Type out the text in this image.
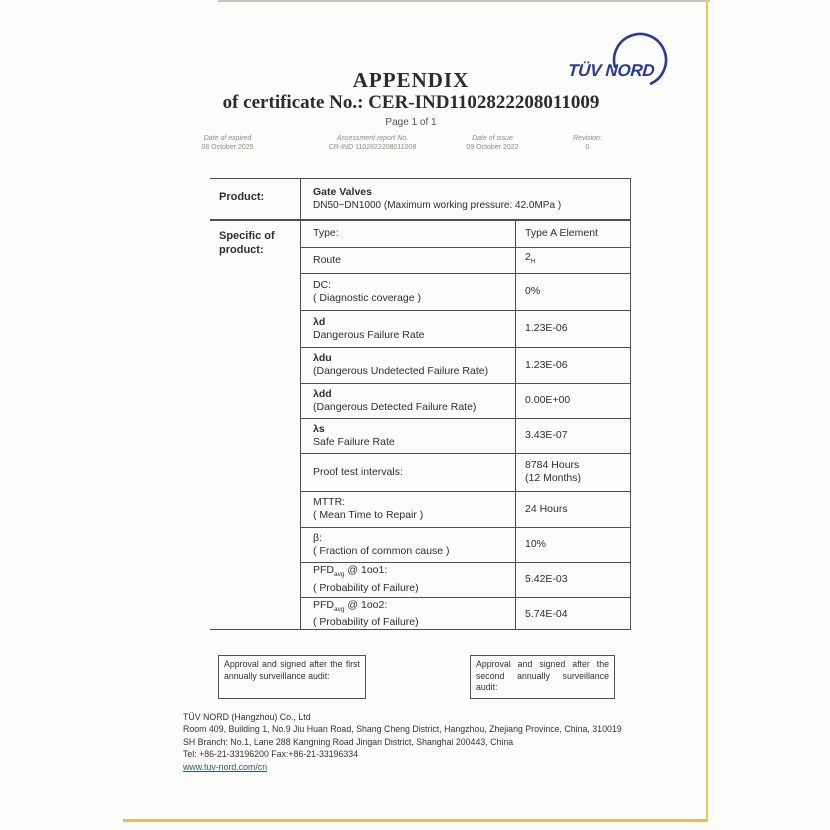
TÜV NORD
APPENDIX
of certificate No.: CER-IND1102822208011009
Page 1 of 1
Date of expired
08 October 2025
Assessment report No.
CR-IND 1102822208011008
Date of issue
09 October 2022
Revision:
0
Product:
Specific of product:
Gate Valves
DN50~DN1000 (Maximum working pressure: 42.0MPa )
Type:	Type A Element
Route	$2_H$
DC:
( Diagnostic coverage )
0%
λd
Dangerous Failure Rate
1.23E-06
λdu
(Dangerous Undetected Failure Rate)
1.23E-06
λdd
(Dangerous Detected Failure Rate)
0.00E+00
λs
Safe Failure Rate
3.43E-07
Proof test intervals:
8784 Hours
(12 Months)
MTTR:
( Mean Time to Repair )
24 Hours
β:
( Fraction of common cause )
10%
$PFD_{avg}$ @ 1oo1:
( Probability of Failure)
5.42E-03
$PFD_{avg}$ @ 1oo2:
( Probability of Failure)
5.74E-04
Approval and signed after the first annually surveillance audit:
Approval and signed after the second annually surveillance audit:
TÜV NORD (Hangzhou) Co., Ltd
Room 409, Building 1, No.9 Jiu Huan Road, Shang Cheng District, Hangzhou, Zhejiang Province, China, 310019
SH Branch: No.1, Lane 288 Kangning Road Jingan District, Shanghai 200443, China
Tel: +86-21-33196200 Fax:+86-21-33196334
www.tuv-nord.com/cn
